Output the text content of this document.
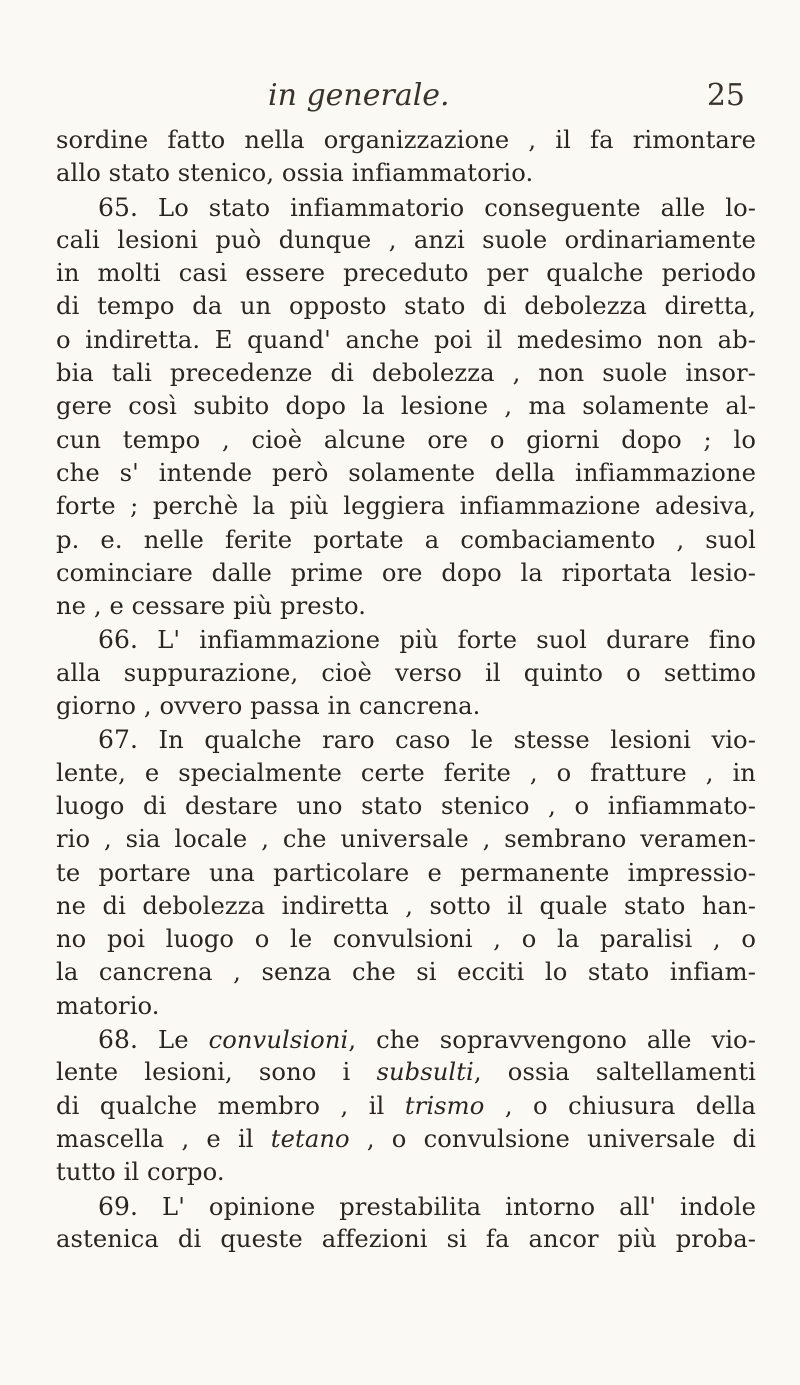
in generale.	25
sordine fatto nella organizzazione , il fa rimontare
allo stato stenico, ossia infiammatorio.
65. Lo stato infiammatorio conseguente alle lo-
cali lesioni può dunque , anzi suole ordinariamente
in molti casi essere preceduto per qualche periodo
di tempo da un opposto stato di debolezza diretta,
o indiretta. E quand' anche poi il medesimo non ab-
bia tali precedenze di debolezza , non suole insor-
gere così subito dopo la lesione , ma solamente al-
cun tempo , cioè alcune ore o giorni dopo ; lo
che s' intende però solamente della infiammazione
forte ; perchè la più leggiera infiammazione adesiva,
p. e. nelle ferite portate a combaciamento , suol
cominciare dalle prime ore dopo la riportata lesio-
ne , e cessare più presto.
66. L' infiammazione più forte suol durare fino
alla suppurazione, cioè verso il quinto o settimo
giorno , ovvero passa in cancrena.
67. In qualche raro caso le stesse lesioni vio-
lente, e specialmente certe ferite , o fratture , in
luogo di destare uno stato stenico , o infiammato-
rio , sia locale , che universale , sembrano veramen-
te portare una particolare e permanente impressio-
ne di debolezza indiretta , sotto il quale stato han-
no poi luogo o le convulsioni , o la paralisi , o
la cancrena , senza che si ecciti lo stato infiam-
matorio.
68. Le convulsioni, che sopravvengono alle vio-
lente lesioni, sono i subsulti, ossia saltellamenti
di qualche membro , il trismo , o chiusura della
mascella , e il tetano , o convulsione universale di
tutto il corpo.
69. L' opinione prestabilita intorno all' indole
astenica di queste affezioni si fa ancor più proba-
